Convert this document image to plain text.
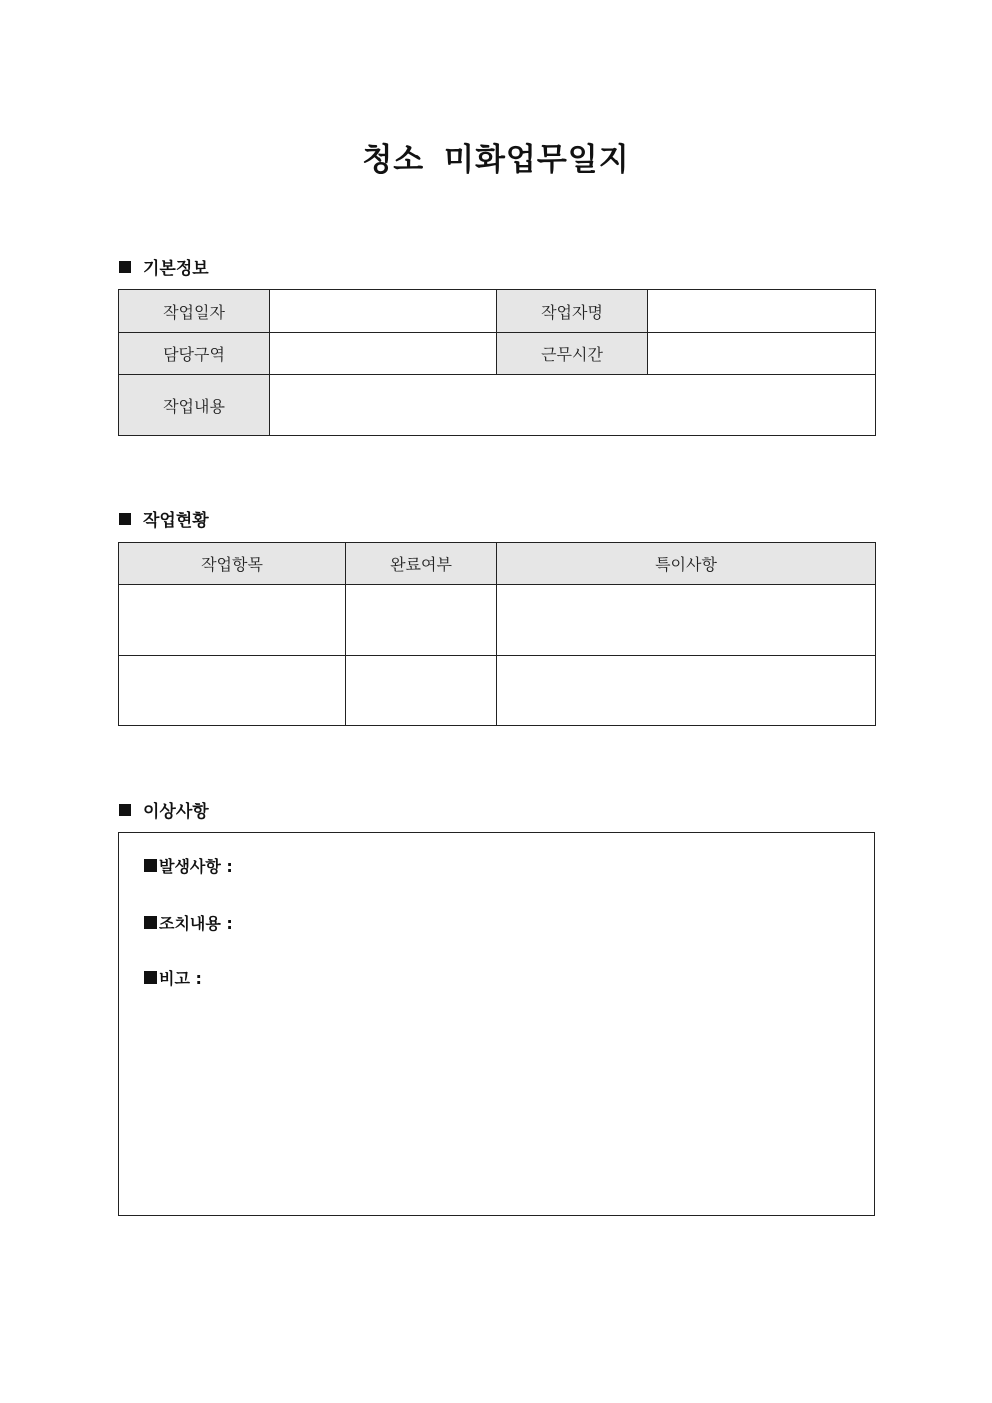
청소 미화업무일지
기본정보
작업일자		작업자명	
담당구역		근무시간	
작업내용			
작업현황
작업항목	완료여부	특이사항

이상사항
발생사항 :
조치내용 :
비고 :
